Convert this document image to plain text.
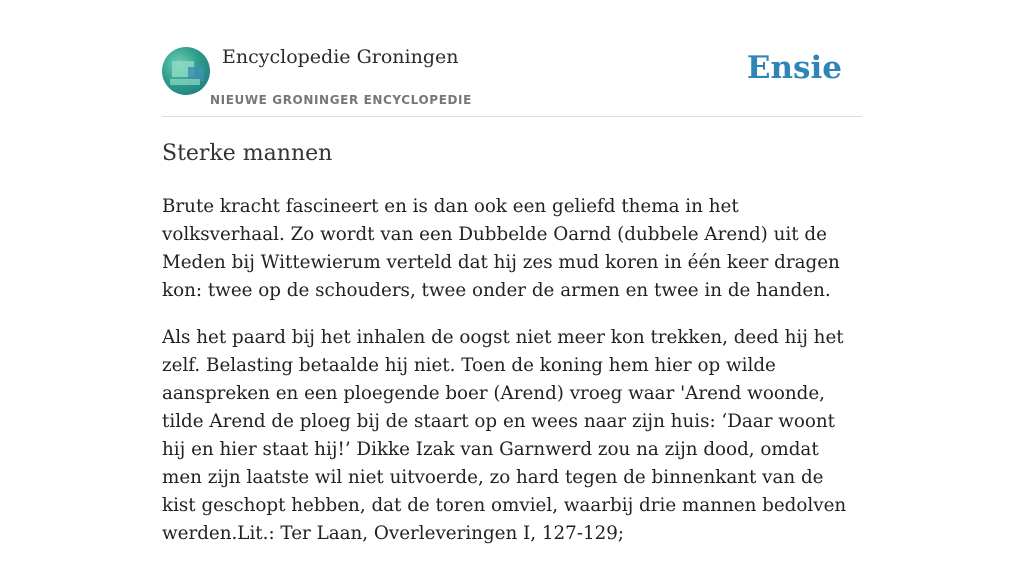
Encyclopedie Groningen
NIEUWE GRONINGER ENCYCLOPEDIE
Ensie
Sterke mannen

Brute kracht fascineert en is dan ook een geliefd thema in het volksverhaal. Zo wordt van een Dubbelde Oarnd (dubbele Arend) uit de Meden bij Wittewierum verteld dat hij zes mud koren in één keer dragen kon: twee op de schouders, twee onder de armen en twee in de handen.

Als het paard bij het inhalen de oogst niet meer kon trekken, deed hij het zelf. Belasting betaalde hij niet. Toen de koning hem hier op wilde aanspreken en een ploegende boer (Arend) vroeg waar 'Arend woonde, tilde Arend de ploeg bij de staart op en wees naar zijn huis: ‘Daar woont hij en hier staat hij!’ Dikke Izak van Garnwerd zou na zijn dood, omdat men zijn laatste wil niet uitvoerde, zo hard tegen de binnenkant van de kist geschopt hebben, dat de toren omviel, waarbij drie mannen bedolven werden.Lit.: Ter Laan, Overleveringen I, 127-129;
